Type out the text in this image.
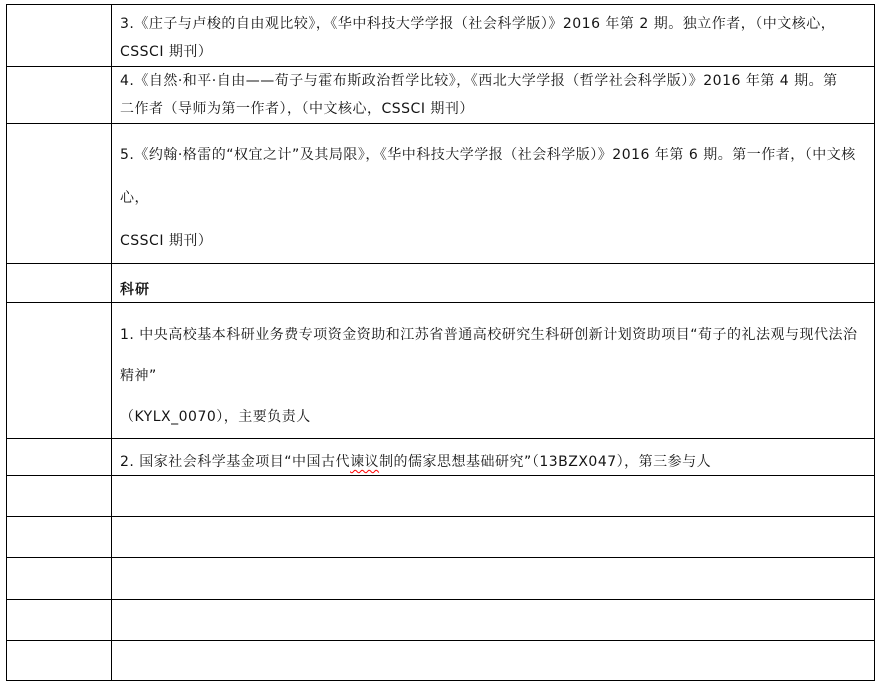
	3.《庄子与卢梭的自由观比较》，《华中科技大学学报（社会科学版）》2016 年第 2 期。独立作者，（中文核心，CSSCI 期刊）

	4.《自然·和平·自由——荀子与霍布斯政治哲学比较》，《西北大学学报（哲学社会科学版）》2016 年第 4 期。第
二作者（导师为第一作者），（中文核心，CSSCI 期刊）

	5.《约翰·格雷的“权宜之计”及其局限》，《华中科技大学学报（社会科学版）》2016 年第 6 期。第一作者，（中文核心，
CSSCI 期刊）

	科研

	1. 中央高校基本科研业务费专项资金资助和江苏省普通高校研究生科研创新计划资助项目“荀子的礼法观与现代法治精神”
（KYLX_0070），主要负责人

	2. 国家社会科学基金项目“中国古代谏议制的儒家思想基础研究”（13BZX047），第三参与人
